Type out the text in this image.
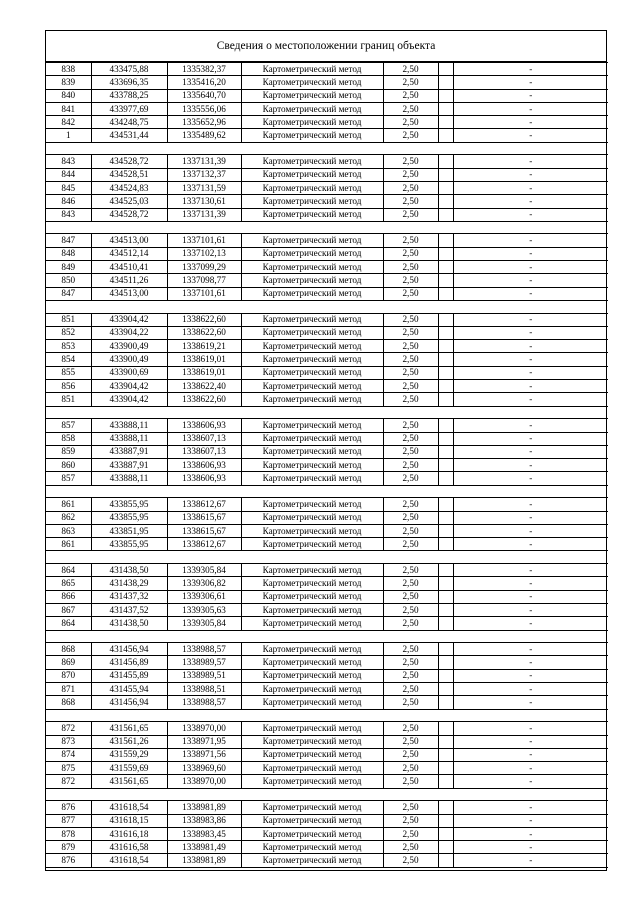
Сведения о местоположении границ объекта
838	433475,88	1335382,37	Картометрический метод	2,50		-
839	433696,35	1335416,20	Картометрический метод	2,50		-
840	433788,25	1335640,70	Картометрический метод	2,50		-
841	433977,69	1335556,06	Картометрический метод	2,50		-
842	434248,75	1335652,96	Картометрический метод	2,50		-
1	434531,44	1335489,62	Картометрический метод	2,50		-

843	434528,72	1337131,39	Картометрический метод	2,50		-
844	434528,51	1337132,37	Картометрический метод	2,50		-
845	434524,83	1337131,59	Картометрический метод	2,50		-
846	434525,03	1337130,61	Картометрический метод	2,50		-
843	434528,72	1337131,39	Картометрический метод	2,50		-

847	434513,00	1337101,61	Картометрический метод	2,50		-
848	434512,14	1337102,13	Картометрический метод	2,50		-
849	434510,41	1337099,29	Картометрический метод	2,50		-
850	434511,26	1337098,77	Картометрический метод	2,50		-
847	434513,00	1337101,61	Картометрический метод	2,50		-

851	433904,42	1338622,60	Картометрический метод	2,50		-
852	433904,22	1338622,60	Картометрический метод	2,50		-
853	433900,49	1338619,21	Картометрический метод	2,50		-
854	433900,49	1338619,01	Картометрический метод	2,50		-
855	433900,69	1338619,01	Картометрический метод	2,50		-
856	433904,42	1338622,40	Картометрический метод	2,50		-
851	433904,42	1338622,60	Картометрический метод	2,50		-

857	433888,11	1338606,93	Картометрический метод	2,50		-
858	433888,11	1338607,13	Картометрический метод	2,50		-
859	433887,91	1338607,13	Картометрический метод	2,50		-
860	433887,91	1338606,93	Картометрический метод	2,50		-
857	433888,11	1338606,93	Картометрический метод	2,50		-

861	433855,95	1338612,67	Картометрический метод	2,50		-
862	433855,95	1338615,67	Картометрический метод	2,50		-
863	433851,95	1338615,67	Картометрический метод	2,50		-
861	433855,95	1338612,67	Картометрический метод	2,50		-

864	431438,50	1339305,84	Картометрический метод	2,50		-
865	431438,29	1339306,82	Картометрический метод	2,50		-
866	431437,32	1339306,61	Картометрический метод	2,50		-
867	431437,52	1339305,63	Картометрический метод	2,50		-
864	431438,50	1339305,84	Картометрический метод	2,50		-

868	431456,94	1338988,57	Картометрический метод	2,50		-
869	431456,89	1338989,57	Картометрический метод	2,50		-
870	431455,89	1338989,51	Картометрический метод	2,50		-
871	431455,94	1338988,51	Картометрический метод	2,50		-
868	431456,94	1338988,57	Картометрический метод	2,50		-

872	431561,65	1338970,00	Картометрический метод	2,50		-
873	431561,26	1338971,95	Картометрический метод	2,50		-
874	431559,29	1338971,56	Картометрический метод	2,50		-
875	431559,69	1338969,60	Картометрический метод	2,50		-
872	431561,65	1338970,00	Картометрический метод	2,50		-

876	431618,54	1338981,89	Картометрический метод	2,50		-
877	431618,15	1338983,86	Картометрический метод	2,50		-
878	431616,18	1338983,45	Картометрический метод	2,50		-
879	431616,58	1338981,49	Картометрический метод	2,50		-
876	431618,54	1338981,89	Картометрический метод	2,50		-
